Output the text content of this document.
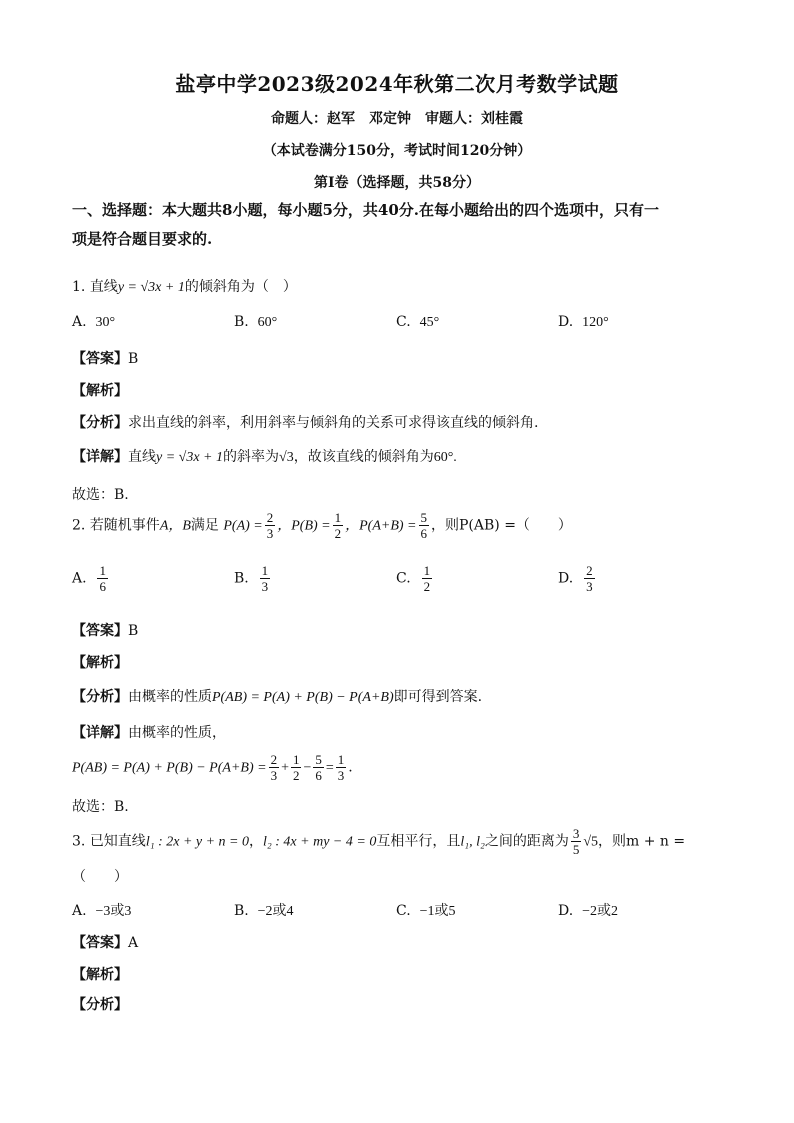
盐亭中学2023级2024年秋第二次月考数学试题
命题人：赵军　邓定钟　审题人：刘桂霞
（本试卷满分150分，考试时间120分钟）
第I卷（选择题，共58分）
一、选择题：本大题共8小题，每小题5分，共40分.在每小题给出的四个选项中，只有一
项是符合题目要求的.
1. 直线y = √3x + 1的倾斜角为（　）
A. 30°	B. 60°	C. 45°	D. 120°
【答案】B
【解析】
【分析】求出直线的斜率，利用斜率与倾斜角的关系可求得该直线的倾斜角.
【详解】直线y = √3x + 1的斜率为√3，故该直线的倾斜角为60°.
故选：B.
2. 若随机事件A，B满足 $P(A) = \frac{2}{3}$ ，$P(B) = \frac{1}{2}$ ，$P(A+B) = \frac{5}{6}$ ，则P(AB) =（　　）
A. $\frac{1}{6}$	B. $\frac{1}{3}$	C. $\frac{1}{2}$	D. $\frac{2}{3}$
【答案】B
【解析】
【分析】由概率的性质P(AB) = P(A) + P(B) − P(A+B)即可得到答案.
【详解】由概率的性质，
$P(AB) = P(A) + P(B) - P(A+B) = \frac{2}{3} + \frac{1}{2} - \frac{5}{6} = \frac{1}{3}$ .
故选：B.
3. 已知直线l₁ : 2x + y + n = 0，l₂ : 4x + my − 4 = 0互相平行，且l₁, l₂之间的距离为 $\frac{3}{5} √5$，则m + n =
（　　）
A. −3或3	B. −2或4	C. −1或5	D. −2或2
【答案】A
【解析】
【分析】
